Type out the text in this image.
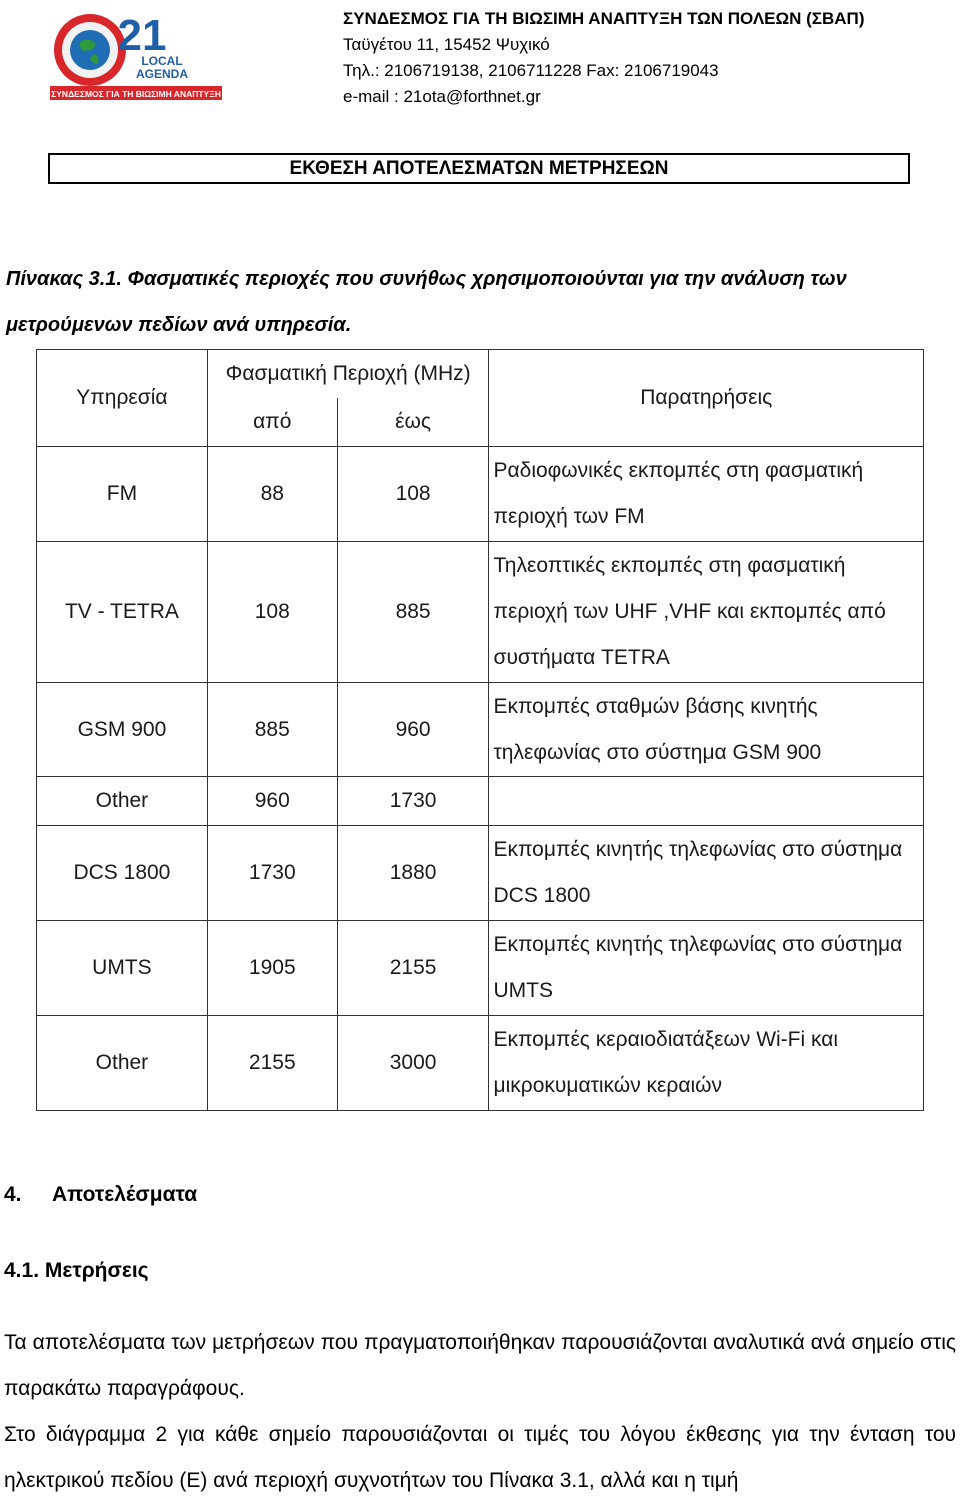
21
LOCAL
AGENDA
ΣΥΝΔΕΣΜΟΣ ΓΙΑ ΤΗ ΒΙΩΣΙΜΗ ΑΝΑΠΤΥΞΗ
ΣΥΝΔΕΣΜΟΣ ΓΙΑ ΤΗ ΒΙΩΣΙΜΗ ΑΝΑΠΤΥΞΗ ΤΩΝ ΠΟΛΕΩΝ (ΣΒΑΠ)
Ταϋγέτου 11, 15452 Ψυχικό
Τηλ.: 2106719138, 2106711228 Fax: 2106719043
e-mail : 21ota@forthnet.gr
ΕΚΘΕΣΗ ΑΠΟΤΕΛΕΣΜΑΤΩΝ ΜΕΤΡΗΣΕΩΝ
Πίνακας 3.1. Φασματικές περιοχές που συνήθως χρησιμοποιούνται για την ανάλυση των μετρούμενων πεδίων ανά υπηρεσία.
Υπηρεσία	Φασματική Περιοχή (MHz)		Παρατηρήσεις
	από	έως	
FM	88	108	Ραδιοφωνικές εκπομπές στη φασματική περιοχή των FM
TV - TETRA	108	885	Τηλεοπτικές εκπομπές στη φασματική περιοχή των UHF ,VHF και εκπομπές από συστήματα TETRA
GSM 900	885	960	Εκπομπές σταθμών βάσης κινητής τηλεφωνίας στο σύστημα GSM 900
Other	960	1730	
DCS 1800	1730	1880	Εκπομπές κινητής τηλεφωνίας στο σύστημα DCS 1800
UMTS	1905	2155	Εκπομπές κινητής τηλεφωνίας στο σύστημα UMTS
Other	2155	3000	Εκπομπές κεραιοδιατάξεων Wi-Fi και μικροκυματικών κεραιών
4. Αποτελέσματα
4.1. Μετρήσεις
Τα αποτελέσματα των μετρήσεων που πραγματοποιήθηκαν παρουσιάζονται αναλυτικά ανά σημείο στις παρακάτω παραγράφους.
Στο διάγραμμα 2 για κάθε σημείο παρουσιάζονται οι τιμές του λόγου έκθεσης για την ένταση του ηλεκτρικού πεδίου (Ε) ανά περιοχή συχνοτήτων του Πίνακα 3.1, αλλά και η τιμή
